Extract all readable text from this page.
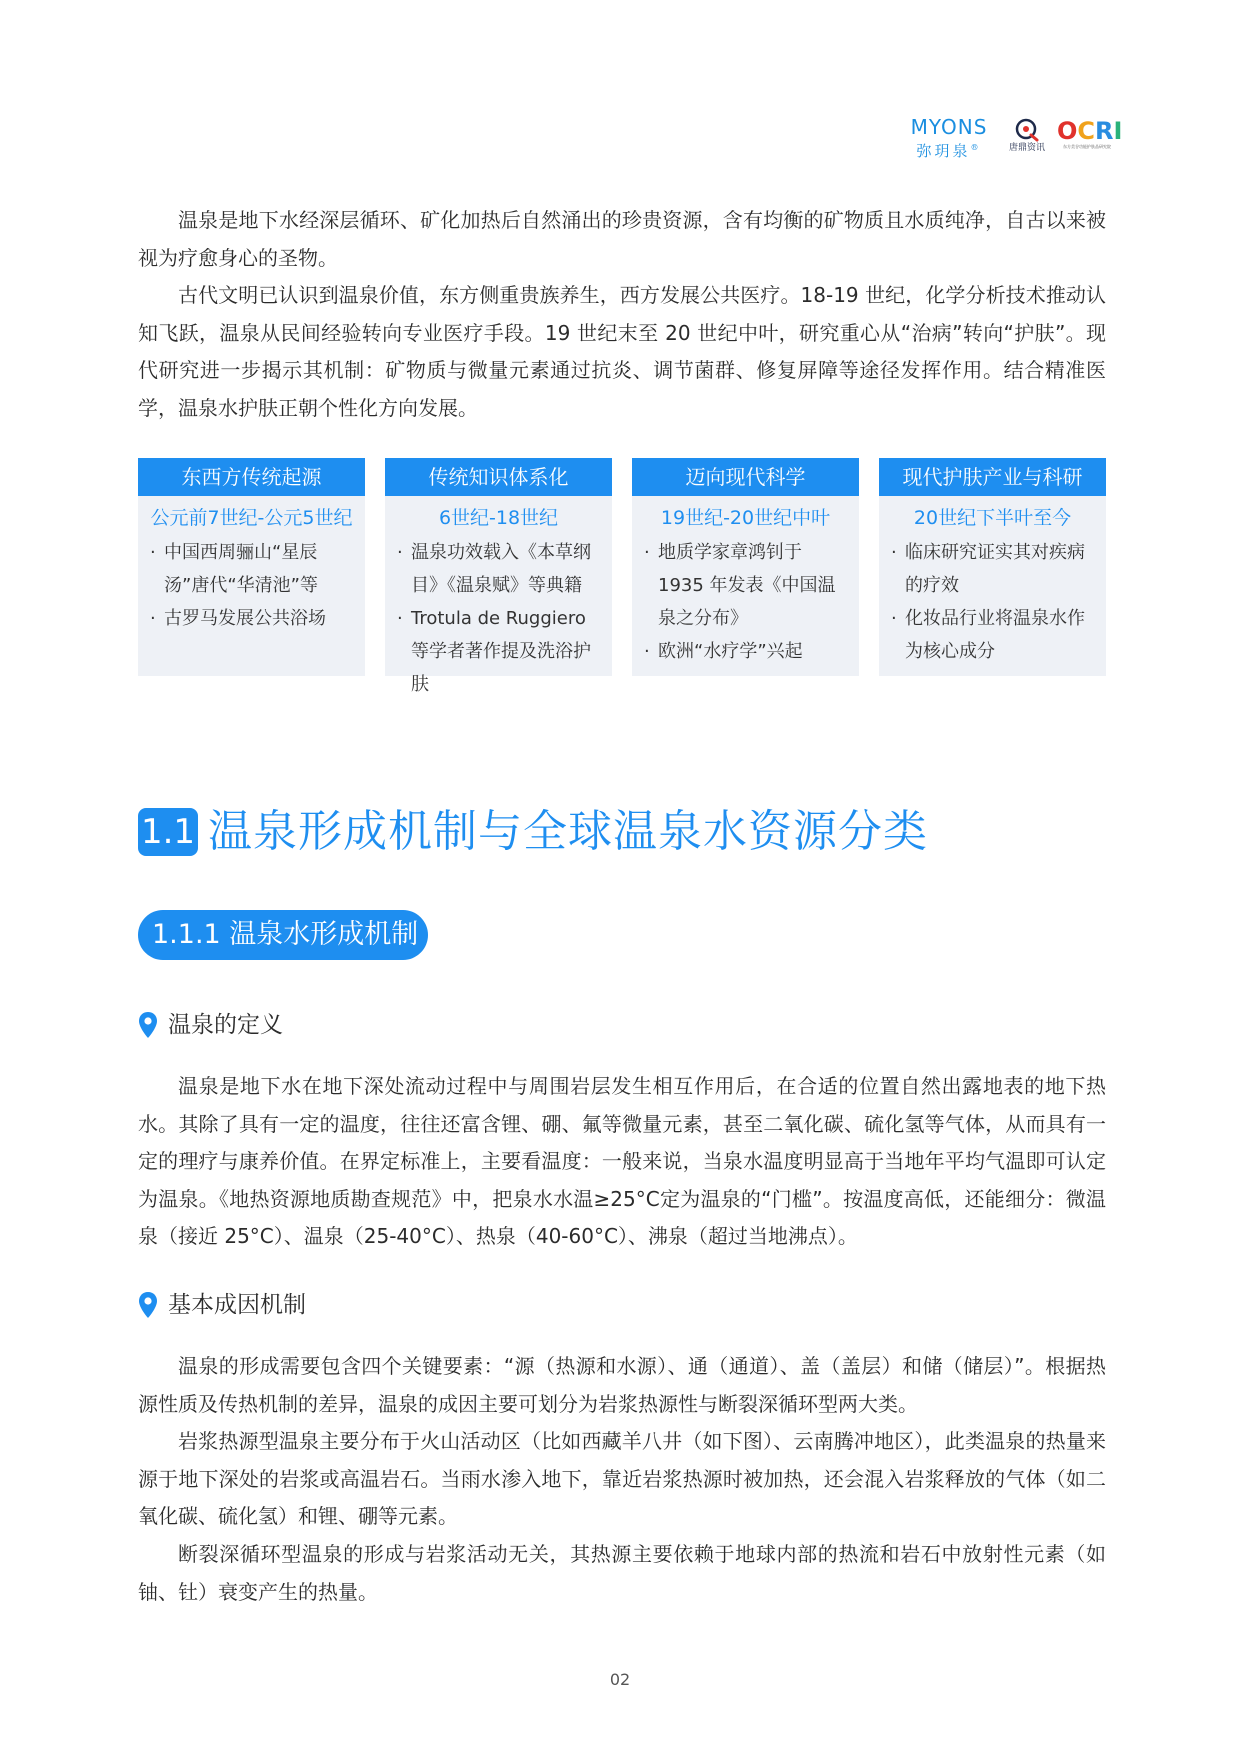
MYONS
弥玥泉®	唐鼎资讯
OCRI
东方美谷功能护肤品研究院

温泉是地下水经深层循环、矿化加热后自然涌出的珍贵资源，含有均衡的矿物质且水质纯净，自古以来被视为疗愈身心的圣物。

古代文明已认识到温泉价值，东方侧重贵族养生，西方发展公共医疗。18-19 世纪，化学分析技术推动认知飞跃，温泉从民间经验转向专业医疗手段。19 世纪末至 20 世纪中叶，研究重心从“治病”转向“护肤”。现代研究进一步揭示其机制：矿物质与微量元素通过抗炎、调节菌群、修复屏障等途径发挥作用。结合精准医学，温泉水护肤正朝个性化方向发展。

东西方传统起源
公元前7世纪-公元5世纪
· 中国西周骊山“星辰汤”唐代“华清池”等
· 古罗马发展公共浴场
传统知识体系化
6世纪-18世纪
· 温泉功效载入《本草纲目》《温泉赋》等典籍
· Trotula de Ruggiero 等学者著作提及洗浴护肤
迈向现代科学
19世纪-20世纪中叶
· 地质学家章鸿钊于 1935 年发表《中国温泉之分布》
· 欧洲“水疗学”兴起
现代护肤产业与科研
20世纪下半叶至今
· 临床研究证实其对疾病的疗效
· 化妆品行业将温泉水作为核心成分
1.1 温泉形成机制与全球温泉水资源分类
1.1.1 温泉水形成机制
温泉的定义

温泉是地下水在地下深处流动过程中与周围岩层发生相互作用后，在合适的位置自然出露地表的地下热水。其除了具有一定的温度，往往还富含锂、硼、氟等微量元素，甚至二氧化碳、硫化氢等气体，从而具有一定的理疗与康养价值。在界定标准上，主要看温度：一般来说，当泉水温度明显高于当地年平均气温即可认定为温泉。《地热资源地质勘查规范》中，把泉水水温≥25°C定为温泉的“门槛”。按温度高低，还能细分：微温泉（接近 25°C）、温泉（25-40°C）、热泉（40-60°C）、沸泉（超过当地沸点）。

基本成因机制

温泉的形成需要包含四个关键要素：“源（热源和水源）、通（通道）、盖（盖层）和储（储层）”。根据热源性质及传热机制的差异，温泉的成因主要可划分为岩浆热源性与断裂深循环型两大类。

岩浆热源型温泉主要分布于火山活动区（比如西藏羊八井（如下图）、云南腾冲地区），此类温泉的热量来源于地下深处的岩浆或高温岩石。当雨水渗入地下，靠近岩浆热源时被加热，还会混入岩浆释放的气体（如二氧化碳、硫化氢）和锂、硼等元素。

断裂深循环型温泉的形成与岩浆活动无关，其热源主要依赖于地球内部的热流和岩石中放射性元素（如铀、钍）衰变产生的热量。

02
